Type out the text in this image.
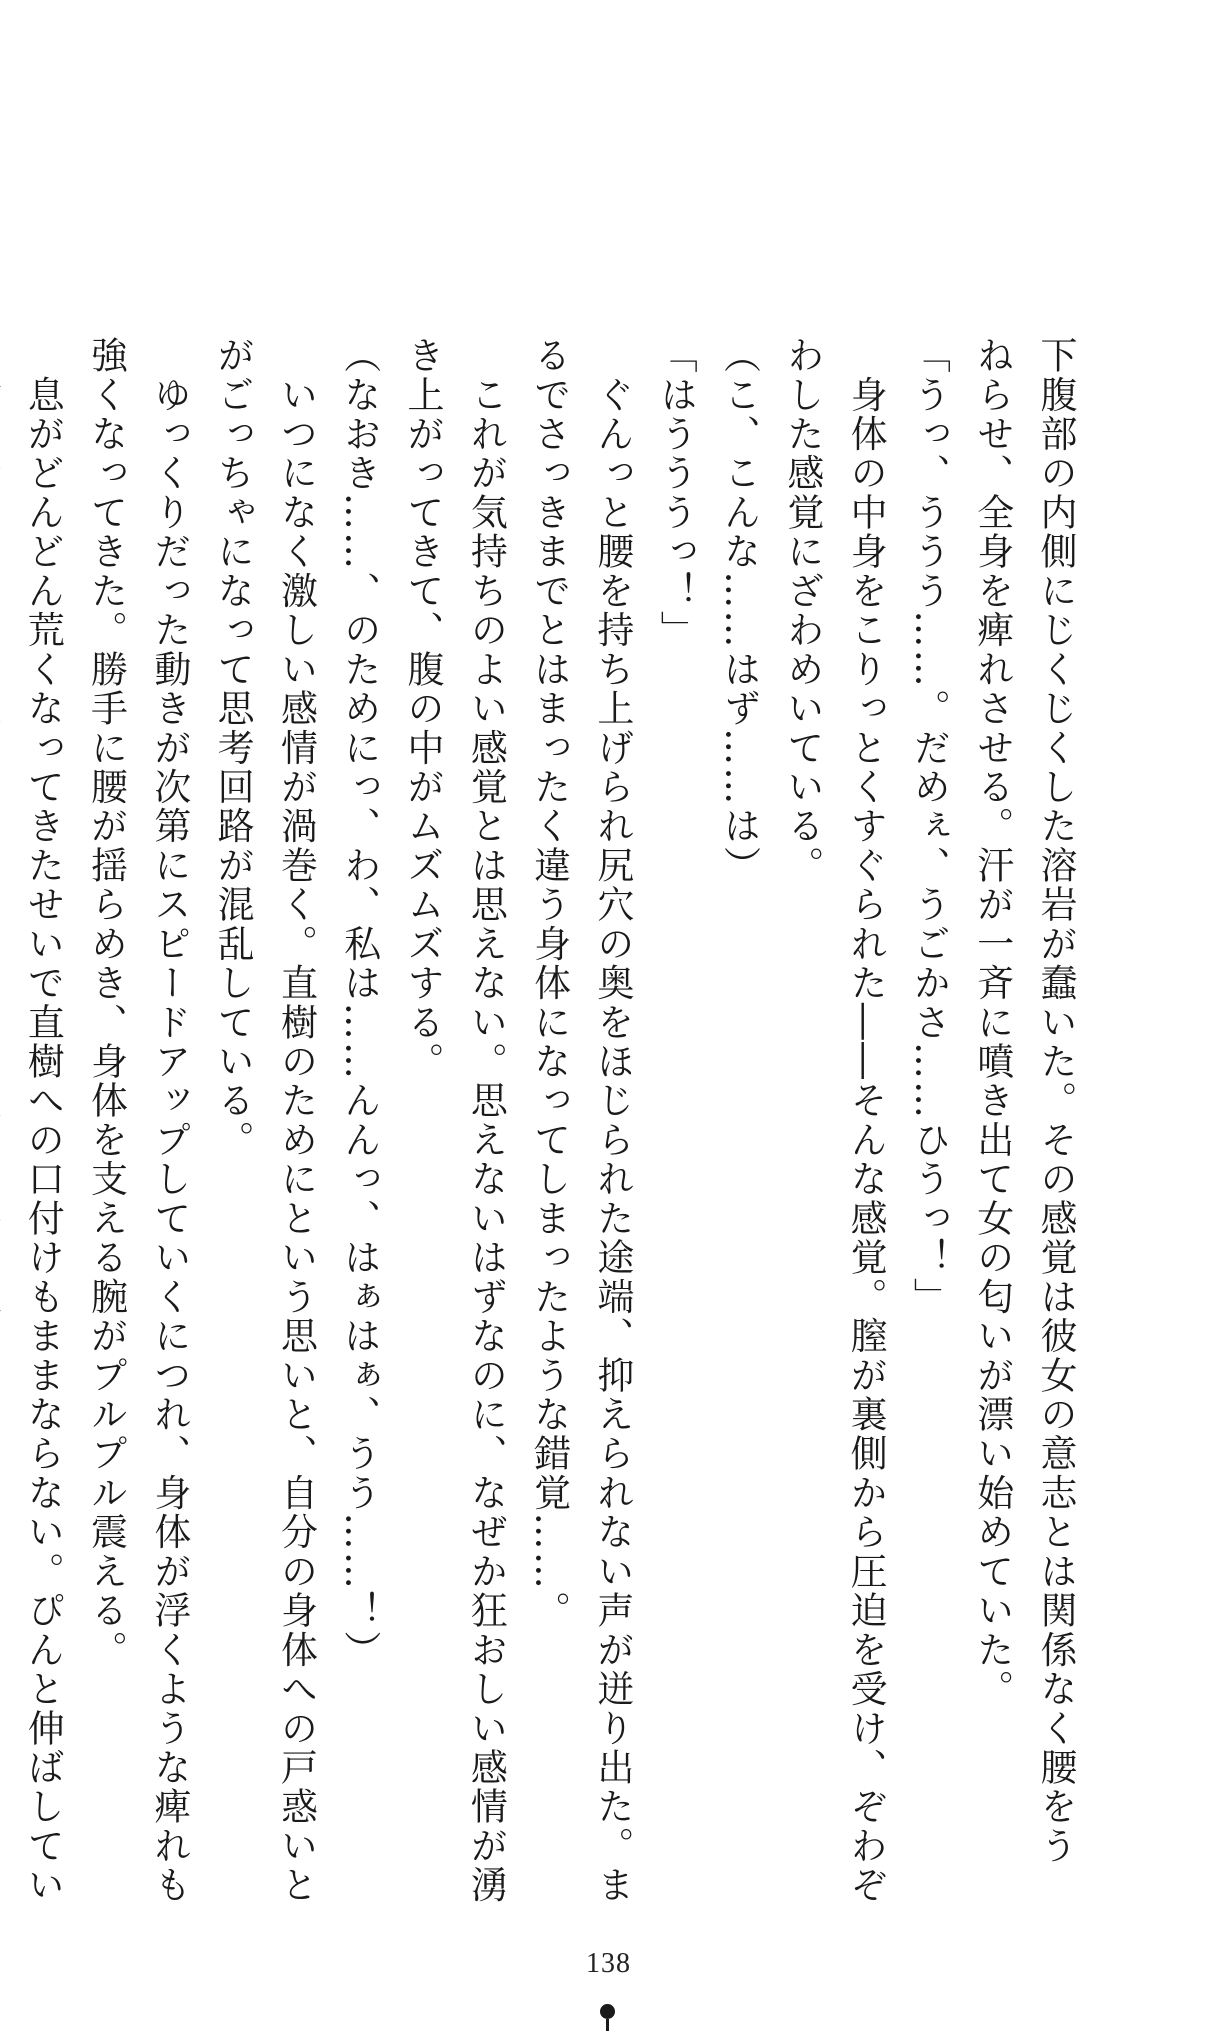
下腹部の内側にじくじくした溶岩が蠢いた。その感覚は彼女の意志とは関係なく腰をう

ねらせ、全身を痺れさせる。汗が一斉に噴き出て女の匂いが漂い始めていた。

「うっ、ううう……。だめぇ、うごかさ……ひうっ！」

　身体の中身をこりっとくすぐられた――そんな感覚。膣が裏側から圧迫を受け、ぞわぞ

わした感覚にざわめいている。

（こ、こんな……はず……は）

「はうううっ！」

　ぐんっと腰を持ち上げられ尻穴の奥をほじられた途端、抑えられない声が迸り出た。ま

るでさっきまでとはまったく違う身体になってしまったような錯覚……。

　これが気持ちのよい感覚とは思えない。思えないはずなのに、なぜか狂おしい感情が湧

き上がってきて、腹の中がムズムズする。

（なおき……、のためにっ、わ、私は……んんっ、はぁはぁ、うう……！）

　いつになく激しい感情が渦巻く。直樹のためにという思いと、自分の身体への戸惑いと

がごっちゃになって思考回路が混乱している。

　ゆっくりだった動きが次第にスピードアップしていくにつれ、身体が浮くような痺れも

強くなってきた。勝手に腰が揺らめき、身体を支える腕がプルプル震える。

　息がどんどん荒くなってきたせいで直樹への口付けもままならない。ぴんと伸ばしてい

138
